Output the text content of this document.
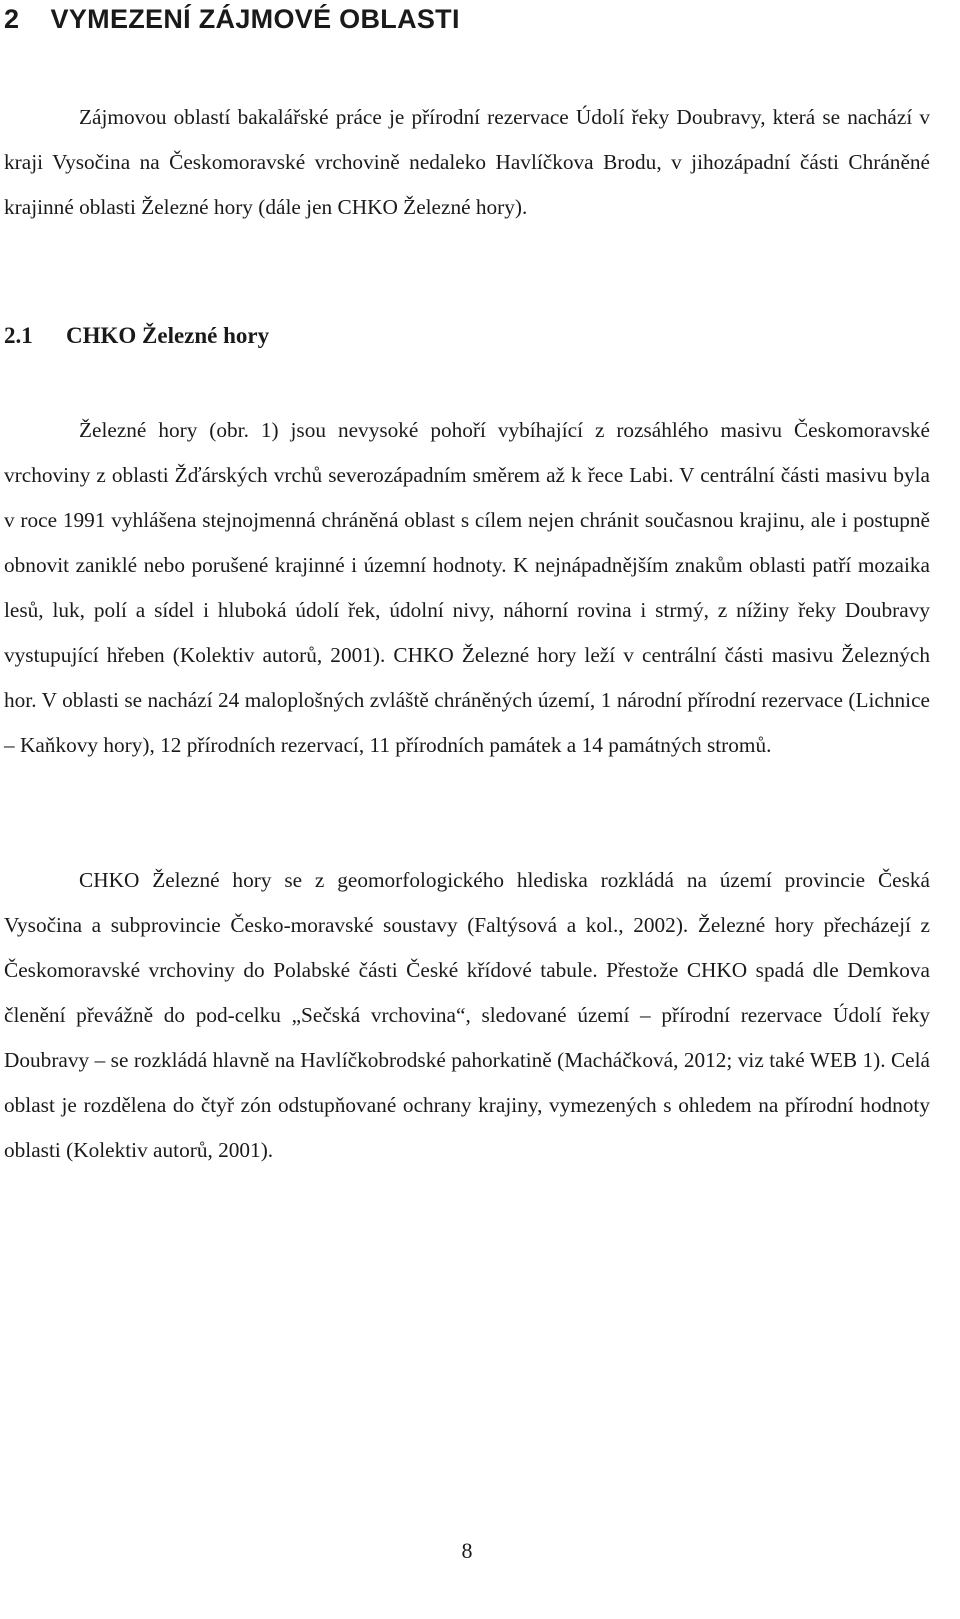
2 VYMEZENÍ ZÁJMOVÉ OBLASTI

Zájmovou oblastí bakalářské práce je přírodní rezervace Údolí řeky Doubravy, která se nachází v kraji Vysočina na Českomoravské vrchovině nedaleko Havlíčkova Brodu, v jihozápadní části Chráněné krajinné oblasti Železné hory (dále jen CHKO Železné hory).

2.1 CHKO Železné hory

Železné hory (obr. 1) jsou nevysoké pohoří vybíhající z rozsáhlého masivu Českomoravské vrchoviny z oblasti Žďárských vrchů severozápadním směrem až k řece Labi. V centrální části masivu byla v roce 1991 vyhlášena stejnojmenná chráněná oblast s cílem nejen chránit současnou krajinu, ale i postupně obnovit zaniklé nebo porušené krajinné i územní hodnoty. K nejnápadnějším znakům oblasti patří mozaika lesů, luk, polí a sídel i hluboká údolí řek, údolní nivy, náhorní rovina i strmý, z nížiny řeky Doubravy vystupující hřeben (Kolektiv autorů, 2001). CHKO Železné hory leží v centrální části masivu Železných hor. V oblasti se nachází 24 maloplošných zvláště chráněných území, 1 národní přírodní rezervace (Lichnice – Kaňkovy hory), 12 přírodních rezervací, 11 přírodních památek a 14 památných stromů.

CHKO Železné hory se z geomorfologického hlediska rozkládá na území provincie Česká Vysočina a subprovincie Česko-moravské soustavy (Faltýsová a kol., 2002). Železné hory přecházejí z Českomoravské vrchoviny do Polabské části České křídové tabule. Přestože CHKO spadá dle Demkova členění převážně do pod-celku „Sečská vrchovina“, sledované území – přírodní rezervace Údolí řeky Doubravy – se rozkládá hlavně na Havlíčkobrodské pahorkatině (Macháčková, 2012; viz také WEB 1). Celá oblast je rozdělena do čtyř zón odstupňované ochrany krajiny, vymezených s ohledem na přírodní hodnoty oblasti (Kolektiv autorů, 2001).

8
